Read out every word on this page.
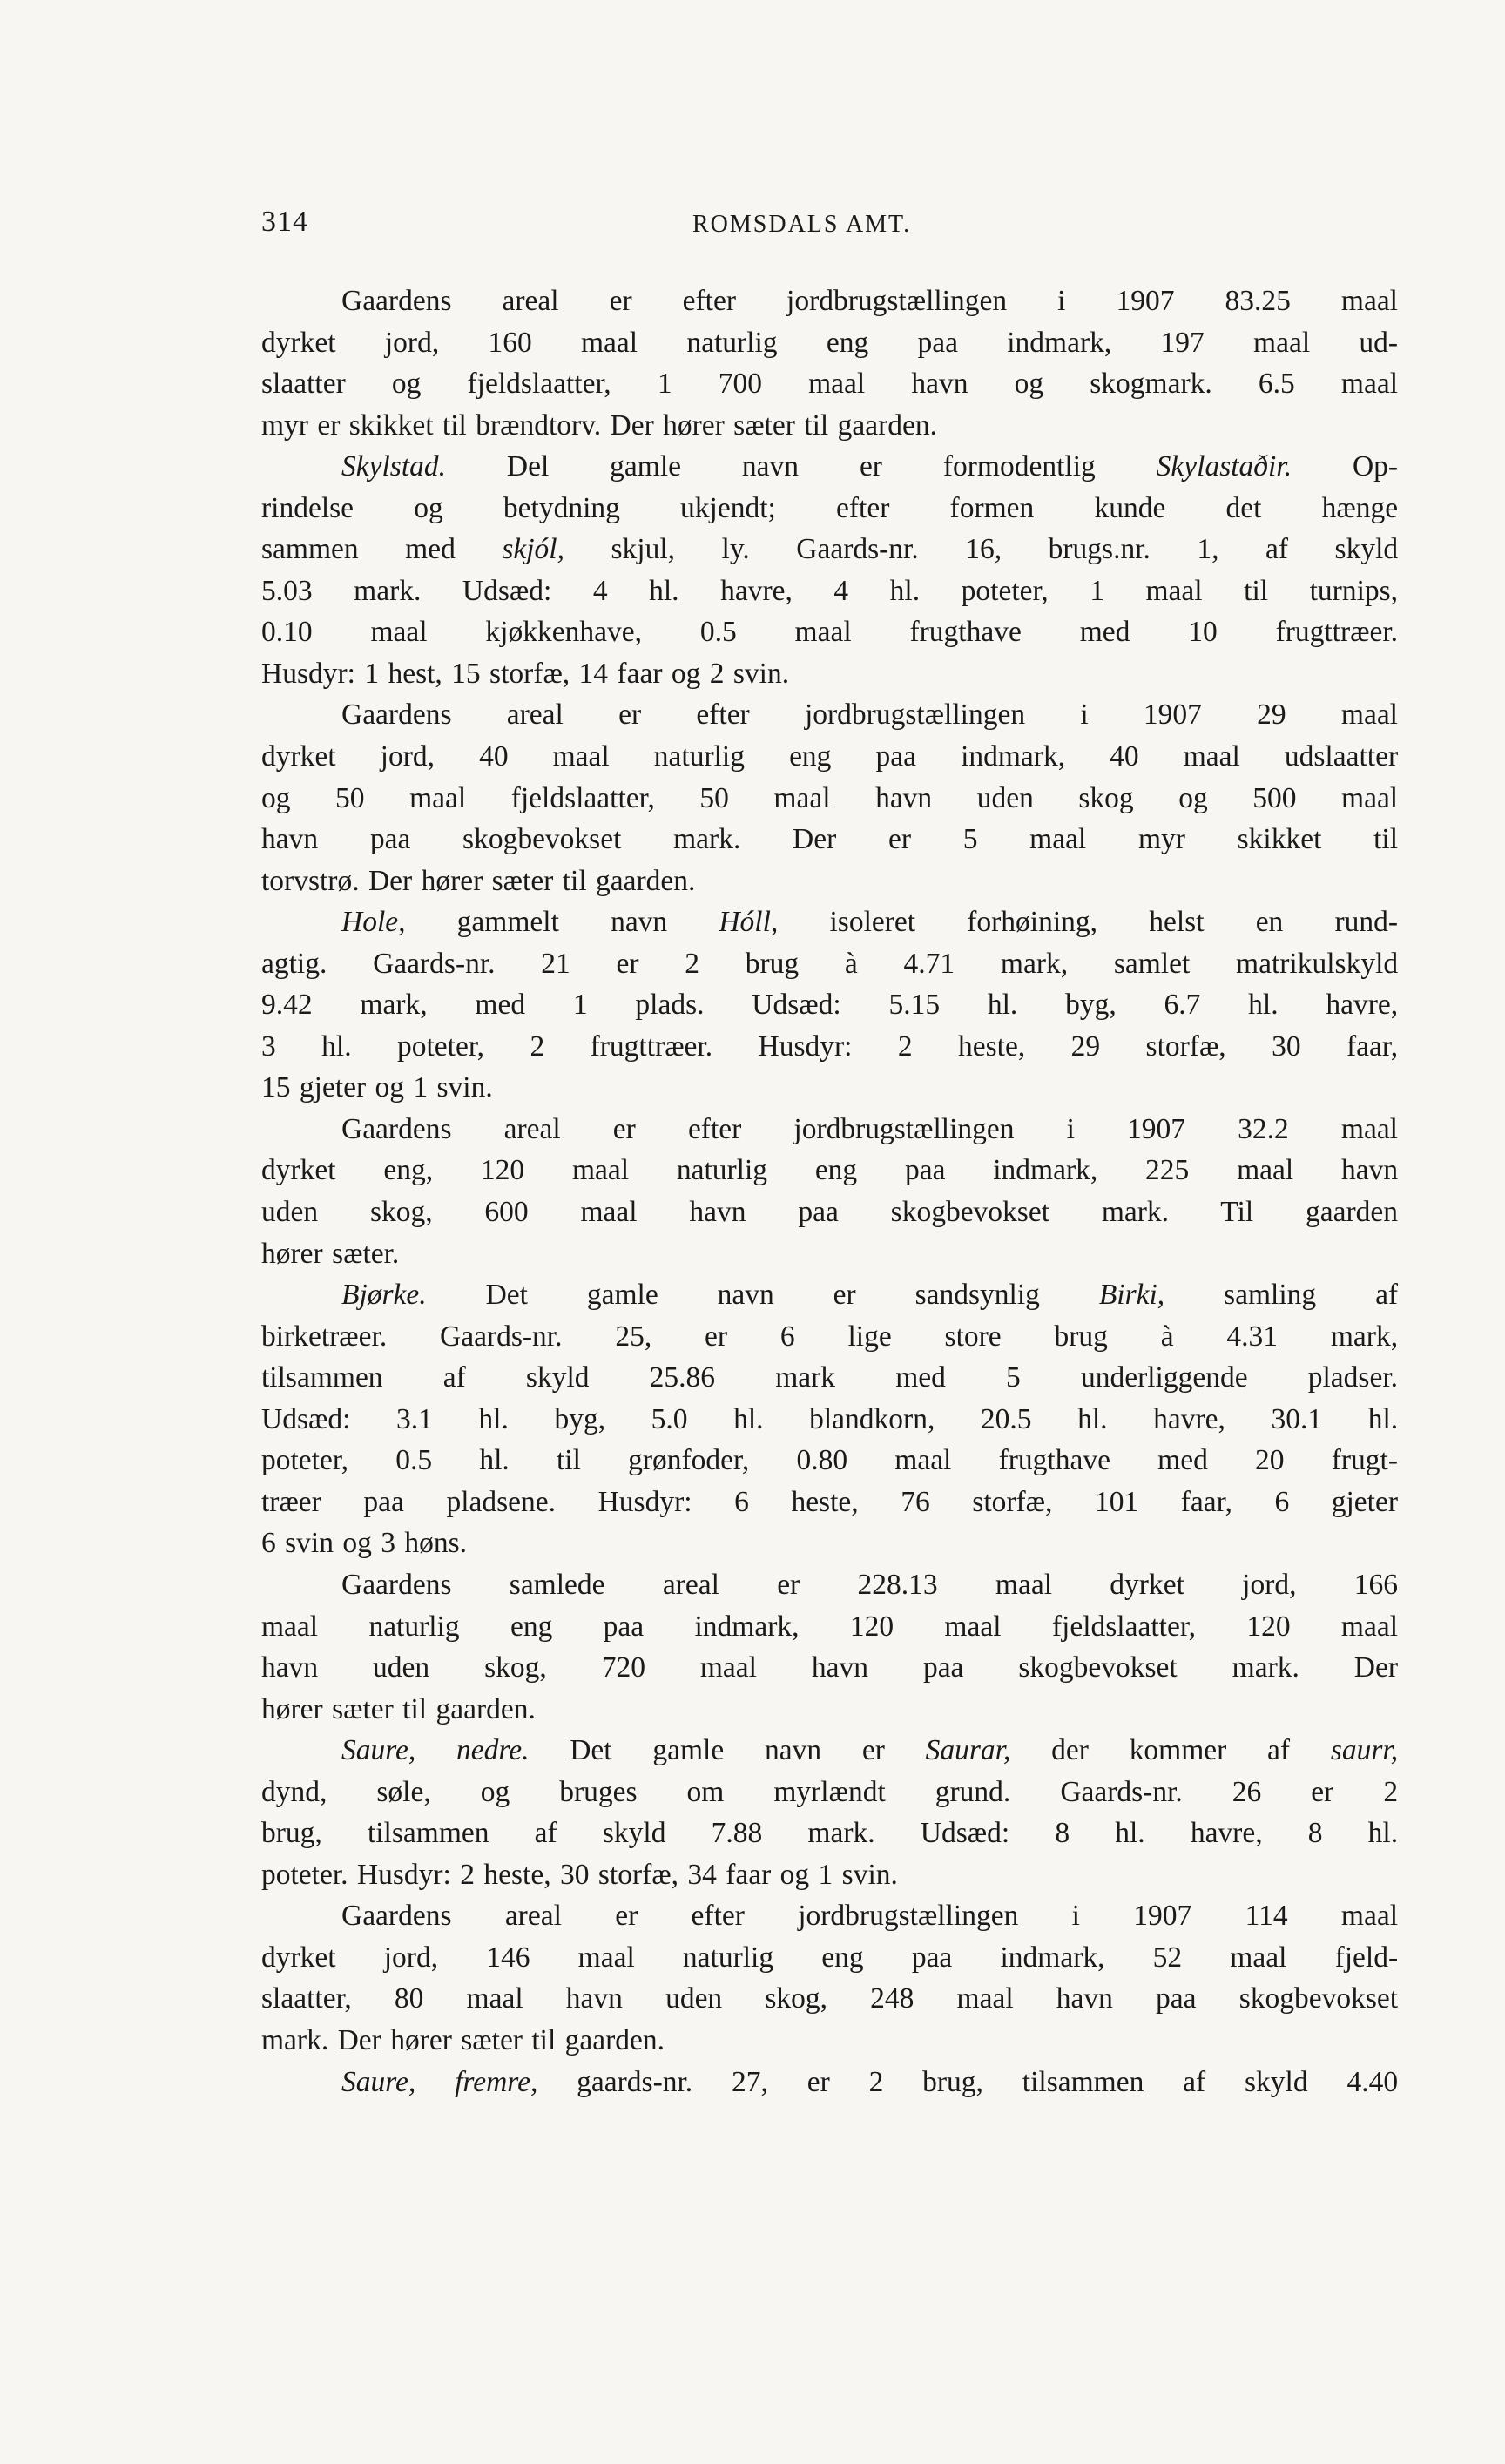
314	ROMSDALS AMT.
Gaardens areal er efter jordbrugstællingen i 1907 83.25 maal
dyrket jord, 160 maal naturlig eng paa indmark, 197 maal ud-
slaatter og fjeldslaatter, 1 700 maal havn og skogmark. 6.5 maal
myr er skikket til brændtorv. Der hører sæter til gaarden.
Skylstad. Del gamle navn er formodentlig Skylastaðir. Op-
rindelse og betydning ukjendt; efter formen kunde det hænge
sammen med skjól, skjul, ly. Gaards-nr. 16, brugs.nr. 1, af skyld
5.03 mark. Udsæd: 4 hl. havre, 4 hl. poteter, 1 maal til turnips,
0.10 maal kjøkkenhave, 0.5 maal frugthave med 10 frugttræer.
Husdyr: 1 hest, 15 storfæ, 14 faar og 2 svin.
Gaardens areal er efter jordbrugstællingen i 1907 29 maal
dyrket jord, 40 maal naturlig eng paa indmark, 40 maal udslaatter
og 50 maal fjeldslaatter, 50 maal havn uden skog og 500 maal
havn paa skogbevokset mark. Der er 5 maal myr skikket til
torvstrø. Der hører sæter til gaarden.
Hole, gammelt navn Hóll, isoleret forhøining, helst en rund-
agtig. Gaards-nr. 21 er 2 brug à 4.71 mark, samlet matrikulskyld
9.42 mark, med 1 plads. Udsæd: 5.15 hl. byg, 6.7 hl. havre,
3 hl. poteter, 2 frugttræer. Husdyr: 2 heste, 29 storfæ, 30 faar,
15 gjeter og 1 svin.
Gaardens areal er efter jordbrugstællingen i 1907 32.2 maal
dyrket eng, 120 maal naturlig eng paa indmark, 225 maal havn
uden skog, 600 maal havn paa skogbevokset mark. Til gaarden
hører sæter.
Bjørke. Det gamle navn er sandsynlig Birki, samling af
birketræer. Gaards-nr. 25, er 6 lige store brug à 4.31 mark,
tilsammen af skyld 25.86 mark med 5 underliggende pladser.
Udsæd: 3.1 hl. byg, 5.0 hl. blandkorn, 20.5 hl. havre, 30.1 hl.
poteter, 0.5 hl. til grønfoder, 0.80 maal frugthave med 20 frugt-
træer paa pladsene. Husdyr: 6 heste, 76 storfæ, 101 faar, 6 gjeter
6 svin og 3 høns.
Gaardens samlede areal er 228.13 maal dyrket jord, 166
maal naturlig eng paa indmark, 120 maal fjeldslaatter, 120 maal
havn uden skog, 720 maal havn paa skogbevokset mark. Der
hører sæter til gaarden.
Saure, nedre. Det gamle navn er Saurar, der kommer af saurr,
dynd, søle, og bruges om myrlændt grund. Gaards-nr. 26 er 2
brug, tilsammen af skyld 7.88 mark. Udsæd: 8 hl. havre, 8 hl.
poteter. Husdyr: 2 heste, 30 storfæ, 34 faar og 1 svin.
Gaardens areal er efter jordbrugstællingen i 1907 114 maal
dyrket jord, 146 maal naturlig eng paa indmark, 52 maal fjeld-
slaatter, 80 maal havn uden skog, 248 maal havn paa skogbevokset
mark. Der hører sæter til gaarden.
Saure, fremre, gaards-nr. 27, er 2 brug, tilsammen af skyld 4.40
